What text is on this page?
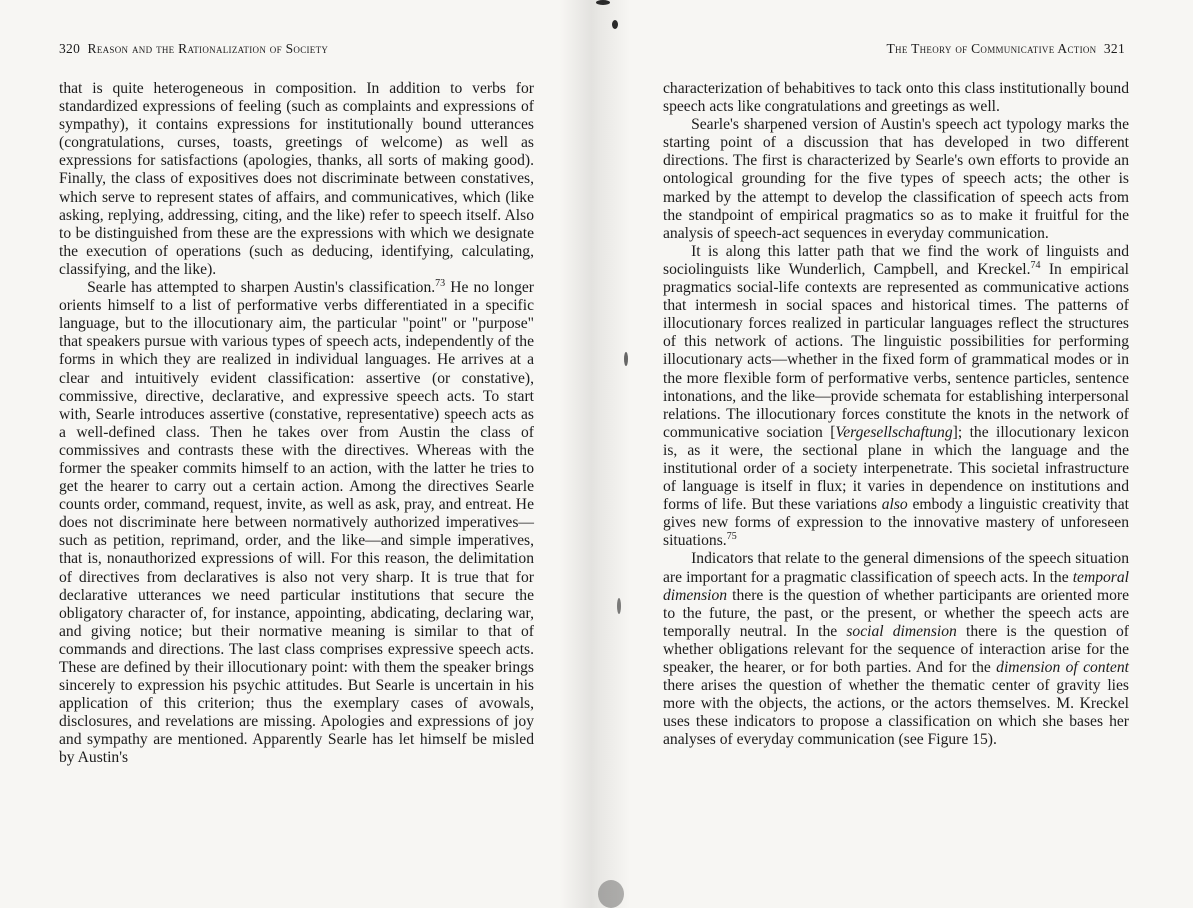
320 Reason and the Rationalization of Society	The Theory of Communicative Action 321

that is quite heterogeneous in composition. In addition to verbs for standardized expressions of feeling (such as complaints and expressions of sympathy), it contains expressions for institutionally bound utterances (congratulations, curses, toasts, greetings of welcome) as well as expressions for satisfactions (apologies, thanks, all sorts of making good). Finally, the class of expositives does not discriminate between constatives, which serve to represent states of affairs, and communicatives, which (like asking, replying, addressing, citing, and the like) refer to speech itself. Also to be distinguished from these are the expressions with which we designate the execution of operations (such as deducing, identifying, calculating, classifying, and the like).

Searle has attempted to sharpen Austin's classification.$^{73}$ He no longer orients himself to a list of performative verbs differentiated in a specific language, but to the illocutionary aim, the particular "point" or "purpose" that speakers pursue with various types of speech acts, independently of the forms in which they are realized in individual languages. He arrives at a clear and intuitively evident classification: assertive (or constative), commissive, directive, declarative, and expressive speech acts. To start with, Searle introduces assertive (constative, representative) speech acts as a well-defined class. Then he takes over from Austin the class of commissives and contrasts these with the directives. Whereas with the former the speaker commits himself to an action, with the latter he tries to get the hearer to carry out a certain action. Among the directives Searle counts order, command, request, invite, as well as ask, pray, and entreat. He does not discriminate here between normatively authorized imperatives—such as petition, reprimand, order, and the like—and simple imperatives, that is, nonauthorized expressions of will. For this reason, the delimitation of directives from declaratives is also not very sharp. It is true that for declarative utterances we need particular institutions that secure the obligatory character of, for instance, appointing, abdicating, declaring war, and giving notice; but their normative meaning is similar to that of commands and directions. The last class comprises expressive speech acts. These are defined by their illocutionary point: with them the speaker brings sincerely to expression his psychic attitudes. But Searle is uncertain in his application of this criterion; thus the exemplary cases of avowals, disclosures, and revelations are missing. Apologies and expressions of joy and sympathy are mentioned. Apparently Searle has let himself be misled by Austin's

characterization of behabitives to tack onto this class institutionally bound speech acts like congratulations and greetings as well.

Searle's sharpened version of Austin's speech act typology marks the starting point of a discussion that has developed in two different directions. The first is characterized by Searle's own efforts to provide an ontological grounding for the five types of speech acts; the other is marked by the attempt to develop the classification of speech acts from the standpoint of empirical pragmatics so as to make it fruitful for the analysis of speech-act sequences in everyday communication.

It is along this latter path that we find the work of linguists and sociolinguists like Wunderlich, Campbell, and Kreckel.$^{74}$ In empirical pragmatics social-life contexts are represented as communicative actions that intermesh in social spaces and historical times. The patterns of illocutionary forces realized in particular languages reflect the structures of this network of actions. The linguistic possibilities for performing illocutionary acts—whether in the fixed form of grammatical modes or in the more flexible form of performative verbs, sentence particles, sentence intonations, and the like—provide schemata for establishing interpersonal relations. The illocutionary forces constitute the knots in the network of communicative sociation [Vergesellschaftung]; the illocutionary lexicon is, as it were, the sectional plane in which the language and the institutional order of a society interpenetrate. This societal infrastructure of language is itself in flux; it varies in dependence on institutions and forms of life. But these variations also embody a linguistic creativity that gives new forms of expression to the innovative mastery of unforeseen situations.$^{75}$

Indicators that relate to the general dimensions of the speech situation are important for a pragmatic classification of speech acts. In the temporal dimension there is the question of whether participants are oriented more to the future, the past, or the present, or whether the speech acts are temporally neutral. In the social dimension there is the question of whether obligations relevant for the sequence of interaction arise for the speaker, the hearer, or for both parties. And for the dimension of content there arises the question of whether the thematic center of gravity lies more with the objects, the actions, or the actors themselves. M. Kreckel uses these indicators to propose a classification on which she bases her analyses of everyday communication (see Figure 15).
